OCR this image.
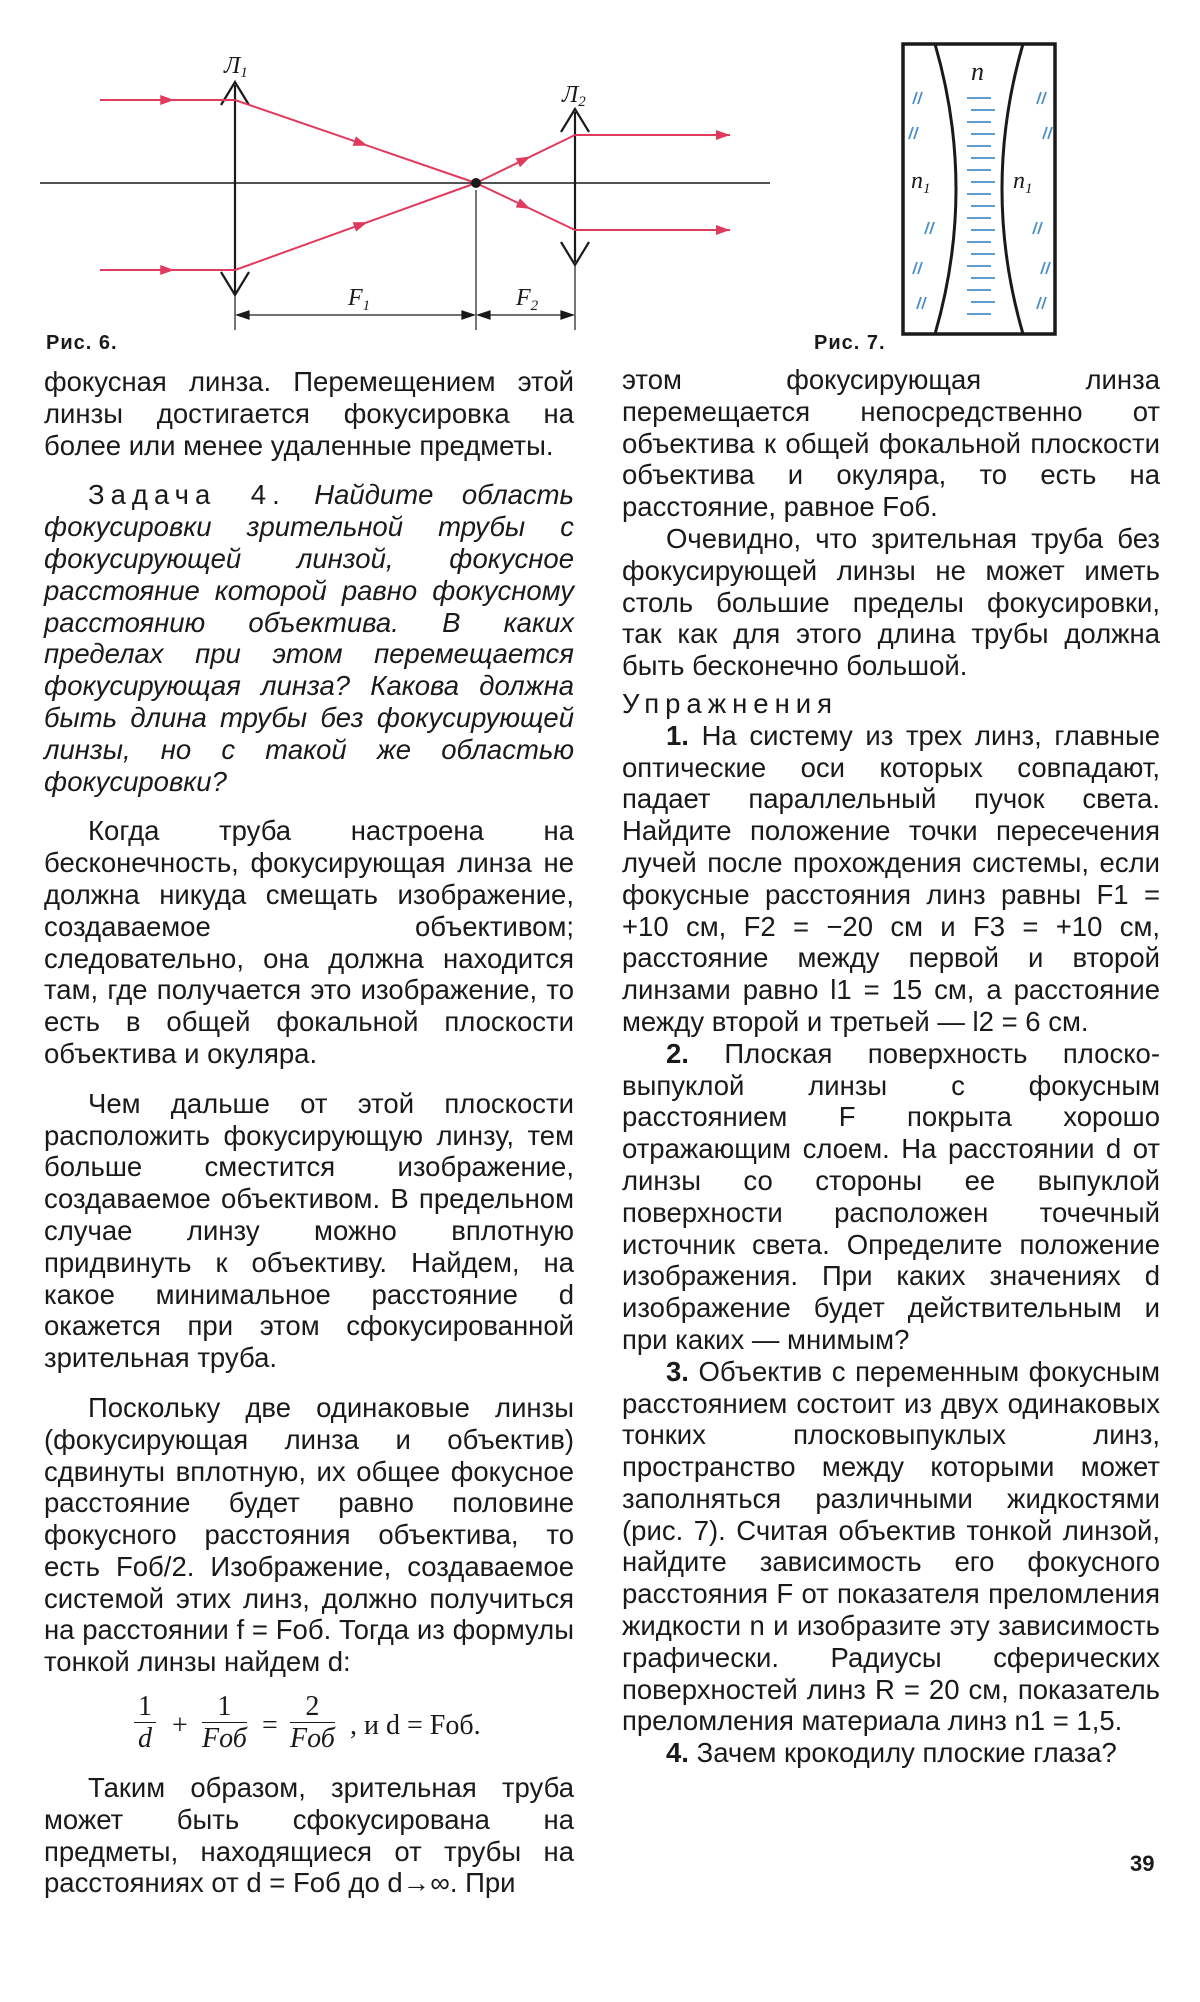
Л1
Л2
$F_1$	$F_2$
Рис. 6.
n
$n_1$	$n_1$
Рис. 7.

фокусная линза. Перемещением этой линзы достигается фокусировка на более или менее удаленные предметы.

Задача 4. Найдите область фокусировки зрительной трубы с фокусирующей линзой, фокусное расстояние которой равно фокусному расстоянию объектива. В каких пределах при этом перемещается фокусирующая линза? Какова должна быть длина трубы без фокусирующей линзы, но с такой же областью фокусировки?

Когда труба настроена на бесконечность, фокусирующая линза не должна никуда смещать изображение, создаваемое объективом; следовательно, она должна находится там, где получается это изображение, то есть в общей фокальной плоскости объектива и окуляра.

Чем дальше от этой плоскости расположить фокусирующую линзу, тем больше сместится изображение, создаваемое объективом. В предельном случае линзу можно вплотную придвинуть к объективу. Найдем, на какое минимальное расстояние d окажется при этом сфокусированной зрительная труба.

Поскольку две одинаковые линзы (фокусирующая линза и объектив) сдвинуты вплотную, их общее фокусное расстояние будет равно половине фокусного расстояния объектива, то есть Fоб/2. Изображение, создаваемое системой этих линз, должно получиться на расстоянии f = Fоб. Тогда из формулы тонкой линзы найдем d:

$\frac{1}{d}$ +
1
Fоб =
2
Fоб , и d = Fоб.

Таким образом, зрительная труба может быть сфокусирована на предметы, находящиеся от трубы на расстояниях от d = Fоб до d→∞. При

этом фокусирующая линза перемещается непосредственно от объектива к общей фокальной плоскости объектива и окуляра, то есть на расстояние, равное Fоб.

Очевидно, что зрительная труба без фокусирующей линзы не может иметь столь большие пределы фокусировки, так как для этого длина трубы должна быть бесконечно большой.

Упражнения

1. На систему из трех линз, главные оптические оси которых совпадают, падает параллельный пучок света. Найдите положение точки пересечения лучей после прохождения системы, если фокусные расстояния линз равны F1 = +10 см, F2 = −20 см и F3 = +10 см, расстояние между первой и второй линзами равно l1 = 15 см, а расстояние между второй и третьей — l2 = 6 см.

2. Плоская поверхность плоско-выпуклой линзы с фокусным расстоянием F покрыта хорошо отражающим слоем. На расстоянии d от линзы со стороны ее выпуклой поверхности расположен точечный источник света. Определите положение изображения. При каких значениях d изображение будет действительным и при каких — мнимым?

3. Объектив с переменным фокусным расстоянием состоит из двух одинаковых тонких плосковыпуклых линз, пространство между которыми может заполняться различными жидкостями (рис. 7). Считая объектив тонкой линзой, найдите зависимость его фокусного расстояния F от показателя преломления жидкости n и изобразите эту зависимость графически. Радиусы сферических поверхностей линз R = 20 см, показатель преломления материала линз n1 = 1,5.

4. Зачем крокодилу плоские глаза?

39
